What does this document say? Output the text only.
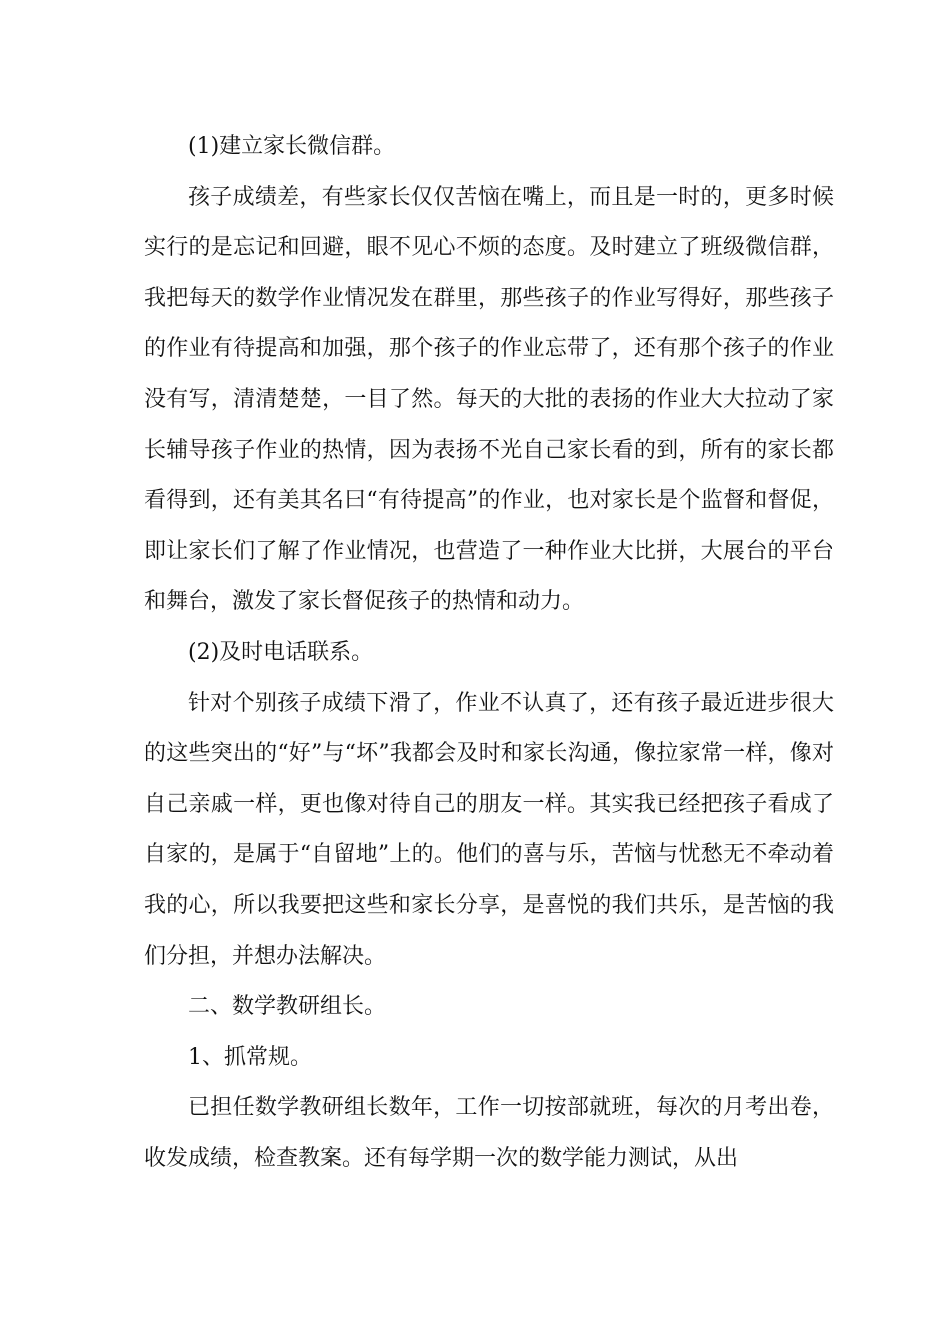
(1)建立家长微信群。

孩子成绩差，有些家长仅仅苦恼在嘴上，而且是一时的，更多时候实行的是忘记和回避，眼不见心不烦的态度。及时建立了班级微信群，我把每天的数学作业情况发在群里，那些孩子的作业写得好，那些孩子的作业有待提高和加强，那个孩子的作业忘带了，还有那个孩子的作业没有写，清清楚楚，一目了然。每天的大批的表扬的作业大大拉动了家长辅导孩子作业的热情，因为表扬不光自己家长看的到，所有的家长都看得到，还有美其名曰“有待提高”的作业，也对家长是个监督和督促，即让家长们了解了作业情况，也营造了一种作业大比拼，大展台的平台和舞台，激发了家长督促孩子的热情和动力。

(2)及时电话联系。

针对个别孩子成绩下滑了，作业不认真了，还有孩子最近进步很大的这些突出的“好”与“坏”我都会及时和家长沟通，像拉家常一样，像对自己亲戚一样，更也像对待自己的朋友一样。其实我已经把孩子看成了自家的，是属于“自留地”上的。他们的喜与乐，苦恼与忧愁无不牵动着我的心，所以我要把这些和家长分享，是喜悦的我们共乐，是苦恼的我们分担，并想办法解决。

二、数学教研组长。

1、抓常规。

已担任数学教研组长数年，工作一切按部就班，每次的月考出卷，收发成绩，检查教案。还有每学期一次的数学能力测试，从出
